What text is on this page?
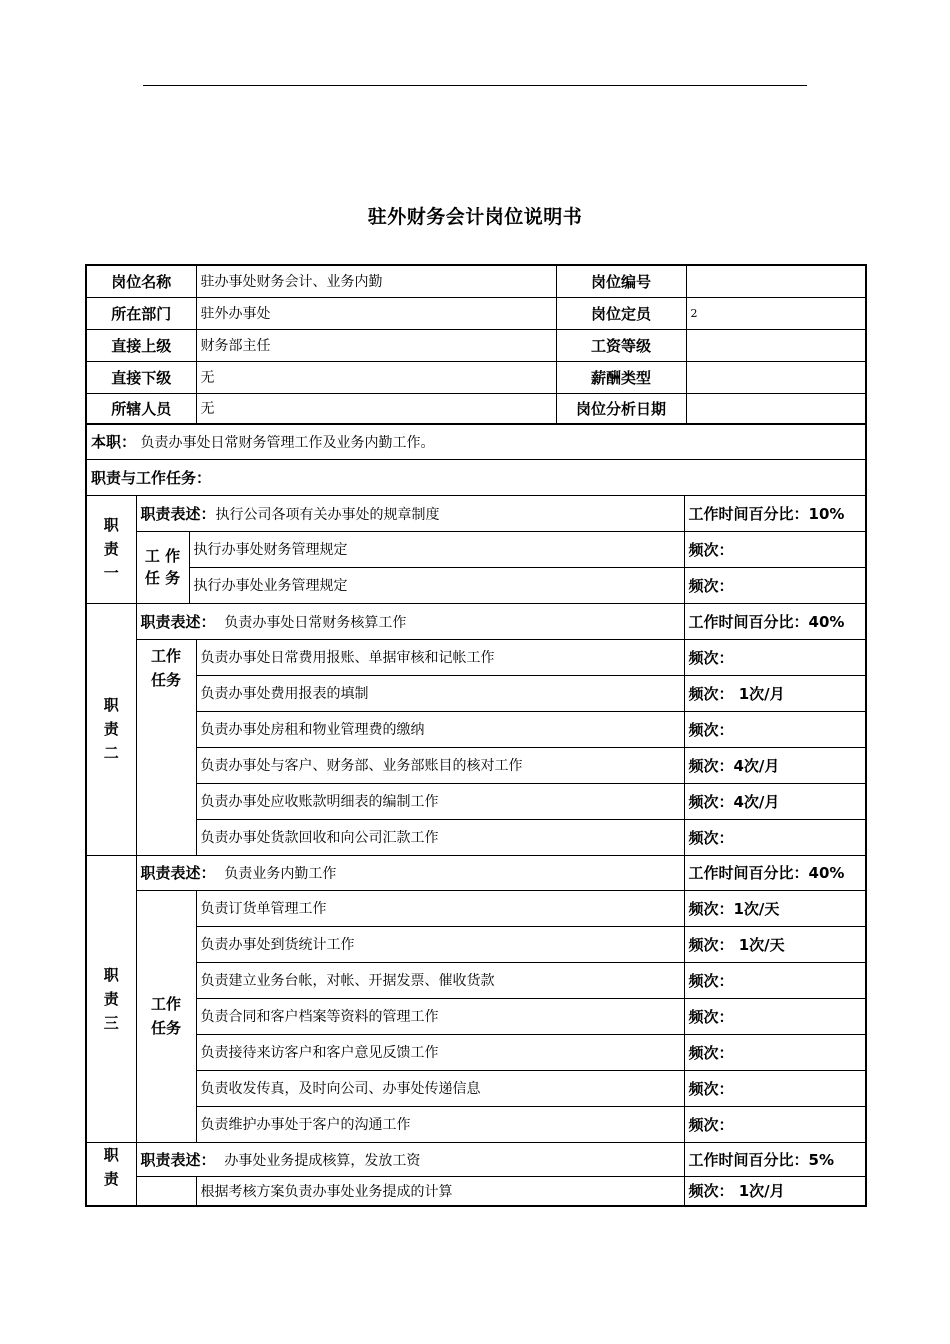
驻外财务会计岗位说明书
岗位名称	驻办事处财务会计、业务内勤	岗位编号	
所在部门	驻外办事处	岗位定员	2
直接上级	财务部主任	工资等级	
直接下级	无	薪酬类型	
所辖人员	无	岗位分析日期	
本职： 负责办事处日常财务管理工作及业务内勤工作。				
职责与工作任务：				
职责一	职责表述：执行公司各项有关办事处的规章制度			工作时间百分比：10%
	工 作 任 务	执行办事处财务管理规定		频次：
		执行办事处业务管理规定		频次：
职责二	职责表述： 负责办事处日常财务核算工作			工作时间百分比：40%
	工作任务		负责办事处日常费用报账、单据审核和记帐工作	频次：
			负责办事处费用报表的填制	频次： 1次/月
			负责办事处房租和物业管理费的缴纳	频次：
			负责办事处与客户、财务部、业务部账目的核对工作	频次：4次/月
			负责办事处应收账款明细表的编制工作	频次：4次/月
			负责办事处货款回收和向公司汇款工作	频次：
职责三	职责表述： 负责业务内勤工作			工作时间百分比：40%
	工作任务		负责订货单管理工作	频次：1次/天
			负责办事处到货统计工作	频次： 1次/天
			负责建立业务台帐，对帐、开据发票、催收货款	频次：
			负责合同和客户档案等资料的管理工作	频次：
			负责接待来访客户和客户意见反馈工作	频次：
			负责收发传真，及时向公司、办事处传递信息	频次：
			负责维护办事处于客户的沟通工作	频次：
职责	职责表述： 办事处业务提成核算，发放工资			工作时间百分比：5%
			根据考核方案负责办事处业务提成的计算	频次： 1次/月
